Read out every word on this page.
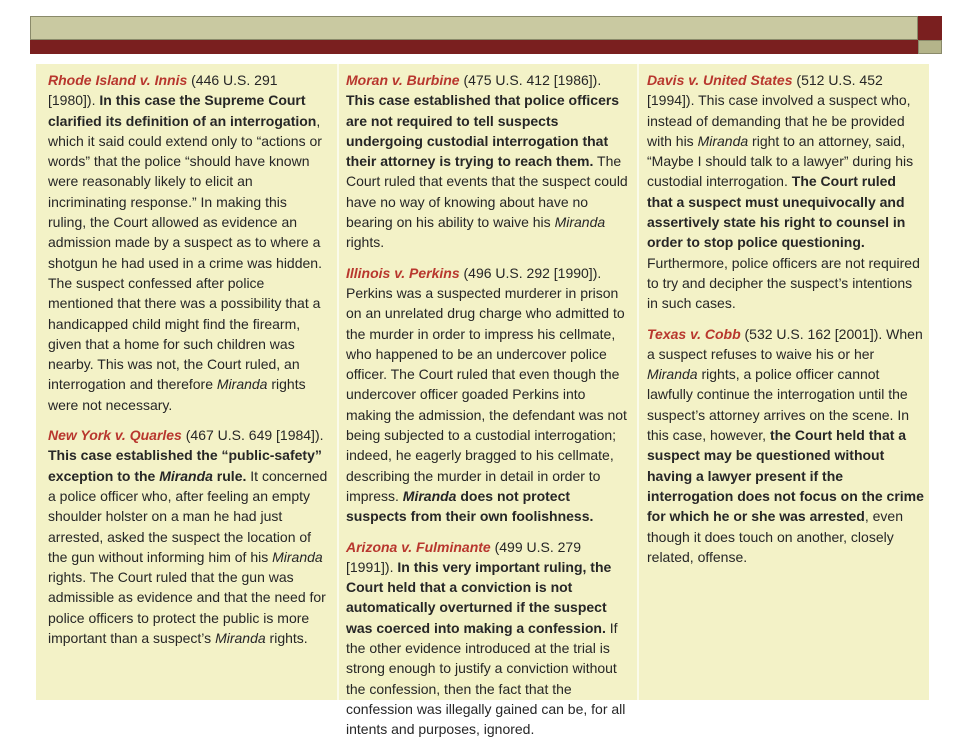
Rhode Island v. Innis (446 U.S. 291 [1980]). In this case the Supreme Court clarified its definition of an interrogation, which it said could extend only to “actions or words” that the police “should have known were reasonably likely to elicit an incriminating response.” In making this ruling, the Court allowed as evidence an admission made by a suspect as to where a shotgun he had used in a crime was hidden. The suspect confessed after police mentioned that there was a possibility that a handicapped child might find the firearm, given that a home for such children was nearby. This was not, the Court ruled, an interrogation and therefore Miranda rights were not necessary.

New York v. Quarles (467 U.S. 649 [1984]). This case established the “public-safety” exception to the Miranda rule. It concerned a police officer who, after feeling an empty shoulder holster on a man he had just arrested, asked the suspect the location of the gun without informing him of his Miranda rights. The Court ruled that the gun was admissible as evidence and that the need for police officers to protect the public is more important than a suspect’s Miranda rights.

Moran v. Burbine (475 U.S. 412 [1986]). This case established that police officers are not required to tell suspects undergoing custodial interrogation that their attorney is trying to reach them. The Court ruled that events that the suspect could have no way of knowing about have no bearing on his ability to waive his Miranda rights.

Illinois v. Perkins (496 U.S. 292 [1990]). Perkins was a suspected murderer in prison on an unrelated drug charge who admitted to the murder in order to impress his cellmate, who happened to be an undercover police officer. The Court ruled that even though the undercover officer goaded Perkins into making the admission, the defendant was not being subjected to a custodial interrogation; indeed, he eagerly bragged to his cellmate, describing the murder in detail in order to impress. Miranda does not protect suspects from their own foolishness.

Arizona v. Fulminante (499 U.S. 279 [1991]). In this very important ruling, the Court held that a conviction is not automatically overturned if the suspect was coerced into making a confession. If the other evidence introduced at the trial is strong enough to justify a conviction without the confession, then the fact that the confession was illegally gained can be, for all intents and purposes, ignored.

Davis v. United States (512 U.S. 452 [1994]). This case involved a suspect who, instead of demanding that he be provided with his Miranda right to an attorney, said, “Maybe I should talk to a lawyer” during his custodial interrogation. The Court ruled that a suspect must unequivocally and assertively state his right to counsel in order to stop police questioning. Furthermore, police officers are not required to try and decipher the suspect’s intentions in such cases.

Texas v. Cobb (532 U.S. 162 [2001]). When a suspect refuses to waive his or her Miranda rights, a police officer cannot lawfully continue the interrogation until the suspect’s attorney arrives on the scene. In this case, however, the Court held that a suspect may be questioned without having a lawyer present if the interrogation does not focus on the crime for which he or she was arrested, even though it does touch on another, closely related, offense.
